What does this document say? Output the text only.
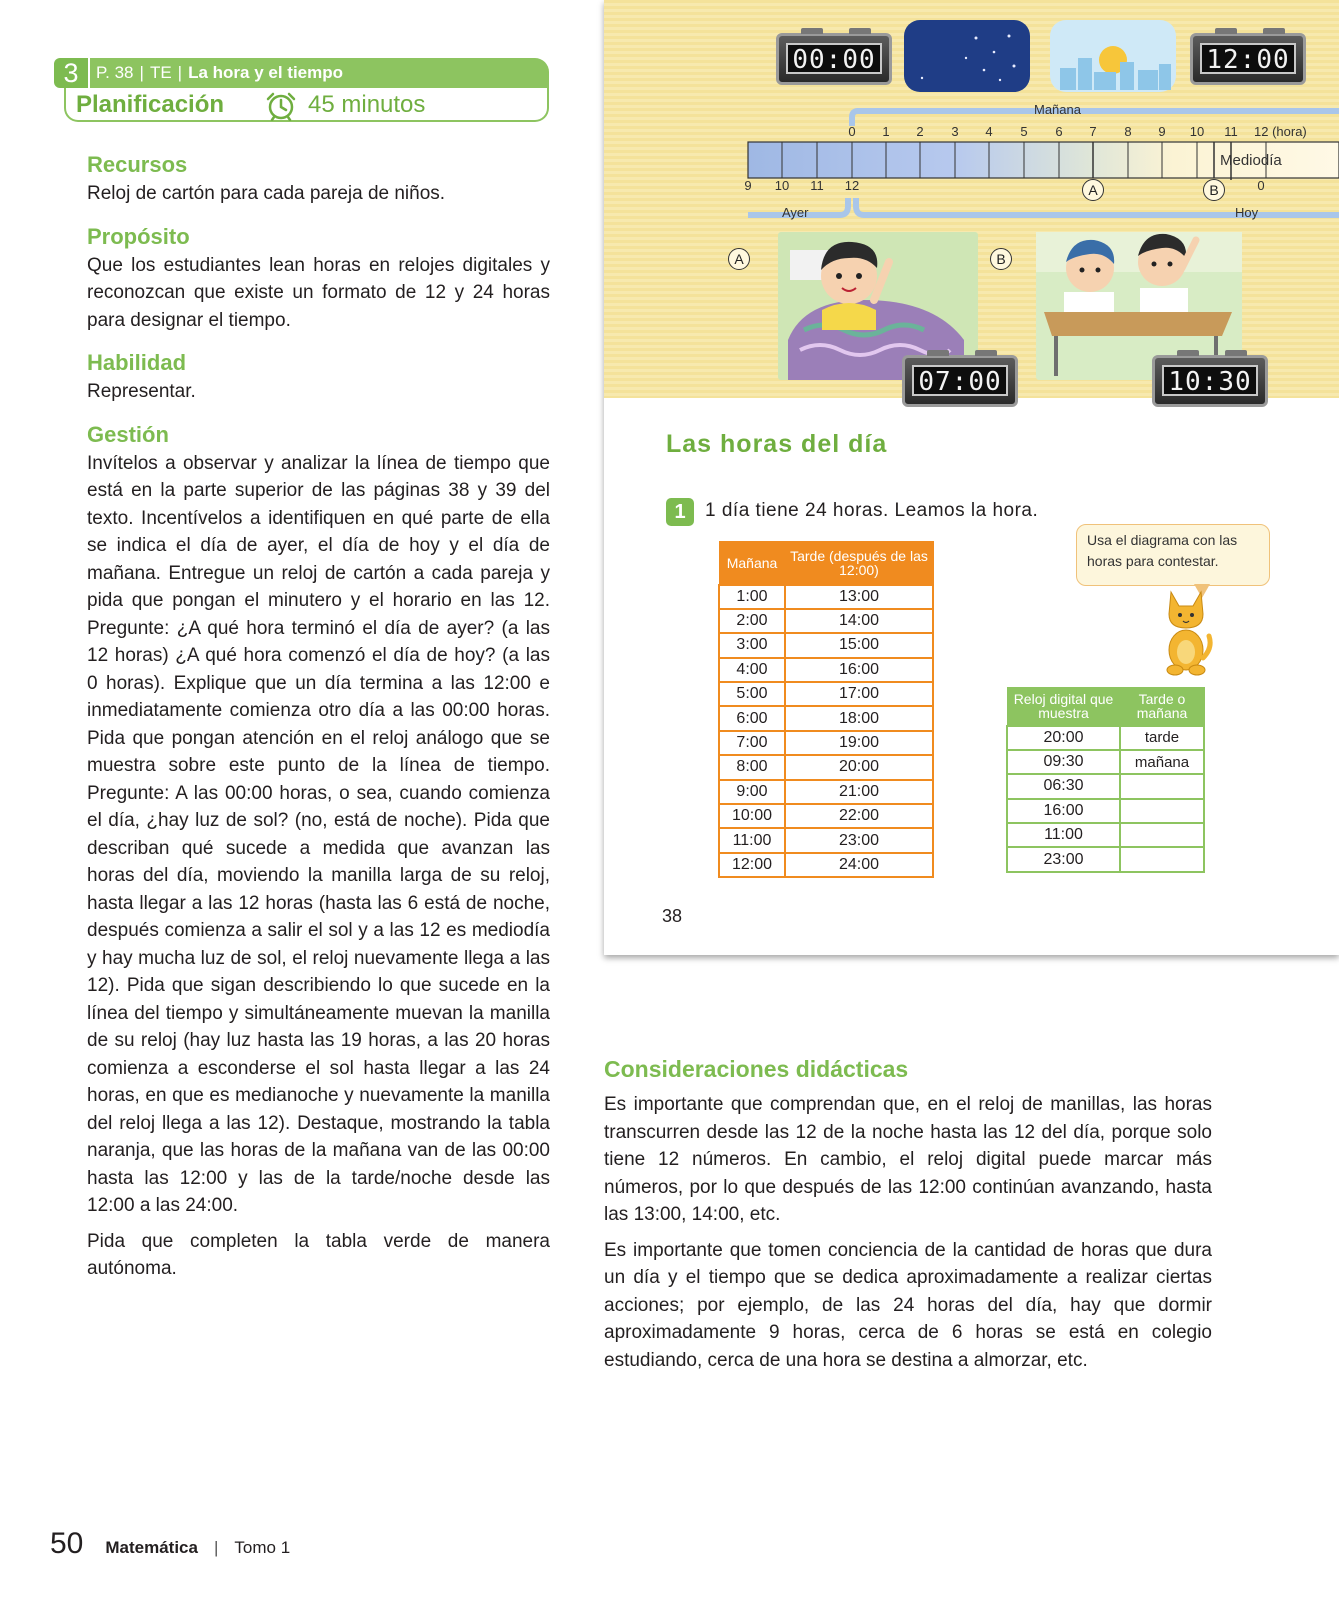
3	P. 38 | TE | La hora y el tiempo
Planificación	45 minutos
Recursos

Reloj de cartón para cada pareja de niños.

Propósito

Que los estudiantes lean horas en relojes digitales y reconozcan que existe un formato de 12 y 24 horas para designar el tiempo.

Habilidad

Representar.

Gestión

Invítelos a observar y analizar la línea de tiempo que está en la parte superior de las páginas 38 y 39 del texto. Incentívelos a identifiquen en qué parte de ella se indica el día de ayer, el día de hoy y el día de mañana. Entregue un reloj de cartón a cada pareja y pida que pongan el minutero y el horario en las 12. Pregunte: ¿A qué hora terminó el día de ayer? (a las 12 horas) ¿A qué hora comenzó el día de hoy? (a las 0 horas). Explique que un día termina a las 12:00 e inmediatamente comienza otro día a las 00:00 horas. Pida que pongan atención en el reloj análogo que se muestra sobre este punto de la línea de tiempo. Pregunte: A las 00:00 horas, o sea, cuando comienza el día, ¿hay luz de sol? (no, está de noche). Pida que describan qué sucede a medida que avanzan las horas del día, moviendo la manilla larga de su reloj, hasta llegar a las 12 horas (hasta las 6 está de noche, después comienza a salir el sol y a las 12 es mediodía y hay mucha luz de sol, el reloj nuevamente llega a las 12). Pida que sigan describiendo lo que sucede en la línea del tiempo y simultáneamente muevan la manilla de su reloj (hay luz hasta las 19 horas, a las 20 horas comienza a esconderse el sol hasta llegar a las 24 horas, en que es medianoche y nuevamente la manilla del reloj llega a las 12). Destaque, mostrando la tabla naranja, que las horas de la mañana van de las 00:00 hasta las 12:00 y las de la tarde/noche desde las 12:00 a las 24:00.

Pida que completen la tabla verde de manera autónoma.

50 Matemática | Tomo 1
00:00	12:00
07:00	10:30
Mañana
0	1	2	3	4	5	6	7	8	9	10	11	12 (hora)
9	10	11	12
Mediodía
0
Ayer	Hoy
A	B
A	B
Las horas del día
1	1 día tiene 24 horas. Leamos la hora.
Mañana	Tarde (después de las 12:00)
1:00	13:00
2:00	14:00
3:00	15:00
4:00	16:00
5:00	17:00
6:00	18:00
7:00	19:00
8:00	20:00
9:00	21:00
10:00	22:00
11:00	23:00
12:00	24:00
Usa el diagrama con las horas para contestar.
Reloj digital que muestra	Tarde o mañana
20:00	tarde
09:30	mañana
06:30	
16:00	
11:00	
23:00	
38
Consideraciones didácticas

Es importante que comprendan que, en el reloj de manillas, las horas transcurren desde las 12 de la noche hasta las 12 del día, porque solo tiene 12 números. En cambio, el reloj digital puede marcar más números, por lo que después de las 12:00 continúan avanzando, hasta las 13:00, 14:00, etc.

Es importante que tomen conciencia de la cantidad de horas que dura un día y el tiempo que se dedica aproximadamente a realizar ciertas acciones; por ejemplo, de las 24 horas del día, hay que dormir aproximadamente 9 horas, cerca de 6 horas se está en colegio estudiando, cerca de una hora se destina a almorzar, etc.
